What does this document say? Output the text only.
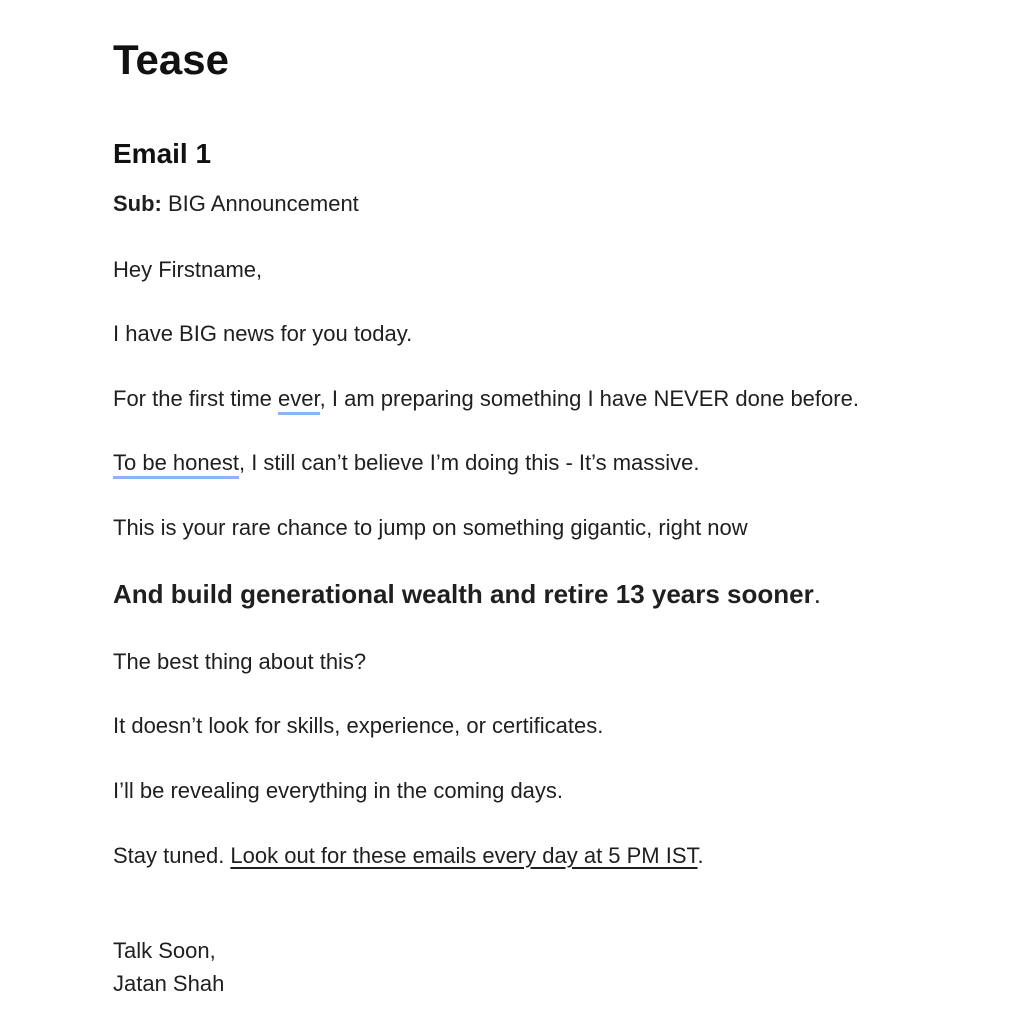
Tease
Email 1
Sub: BIG Announcement
Hey Firstname,
I have BIG news for you today.
For the first time ever, I am preparing something I have NEVER done before.
To be honest, I still can’t believe I’m doing this - It’s massive.
This is your rare chance to jump on something gigantic, right now
And build generational wealth and retire 13 years sooner.
The best thing about this?
It doesn’t look for skills, experience, or certificates.
I’ll be revealing everything in the coming days.
Stay tuned. Look out for these emails every day at 5 PM IST.
Talk Soon,
Jatan Shah
